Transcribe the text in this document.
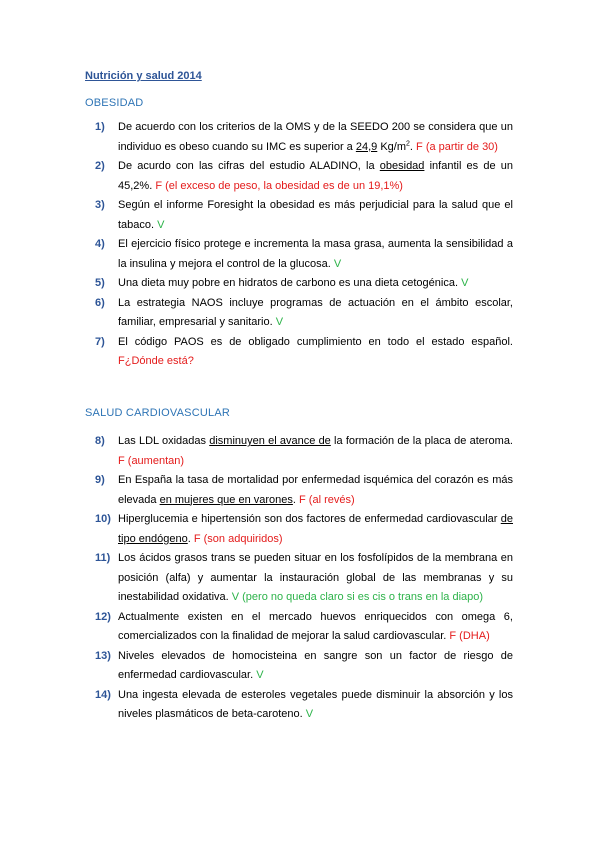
Nutrición y salud 2014
OBESIDAD
1)	De acuerdo con los criterios de la OMS y de la SEEDO 200 se considera que un individuo es obeso cuando su IMC es superior a 24,9 $Kg/m^2$. F (a partir de 30)
2)	De acurdo con las cifras del estudio ALADINO, la obesidad infantil es de un 45,2%. F (el exceso de peso, la obesidad es de un 19,1%)
3)	Según el informe Foresight la obesidad es más perjudicial para la salud que el tabaco. V
4)	El ejercicio físico protege e incrementa la masa grasa, aumenta la sensibilidad a la insulina y mejora el control de la glucosa. V
5)	Una dieta muy pobre en hidratos de carbono es una dieta cetogénica. V
6)	La estrategia NAOS incluye programas de actuación en el ámbito escolar, familiar, empresarial y sanitario. V
7)	El código PAOS es de obligado cumplimiento en todo el estado español. F¿Dónde está?
SALUD CARDIOVASCULAR
8)	Las LDL oxidadas disminuyen el avance de la formación de la placa de ateroma. F (aumentan)
9)	En España la tasa de mortalidad por enfermedad isquémica del corazón es más elevada en mujeres que en varones. F (al revés)
10) Hiperglucemia e hipertensión son dos factores de enfermedad cardiovascular de tipo endógeno. F (son adquiridos)
11) Los ácidos grasos trans se pueden situar en los fosfolípidos de la membrana en posición (alfa) y aumentar la instauración global de las membranas y su inestabilidad oxidativa. V (pero no queda claro si es cis o trans en la diapo)
12) Actualmente existen en el mercado huevos enriquecidos con omega 6, comercializados con la finalidad de mejorar la salud cardiovascular. F (DHA)
13) Niveles elevados de homocisteina en sangre son un factor de riesgo de enfermedad cardiovascular. V
14) Una ingesta elevada de esteroles vegetales puede disminuir la absorción y los niveles plasmáticos de beta-caroteno. V
